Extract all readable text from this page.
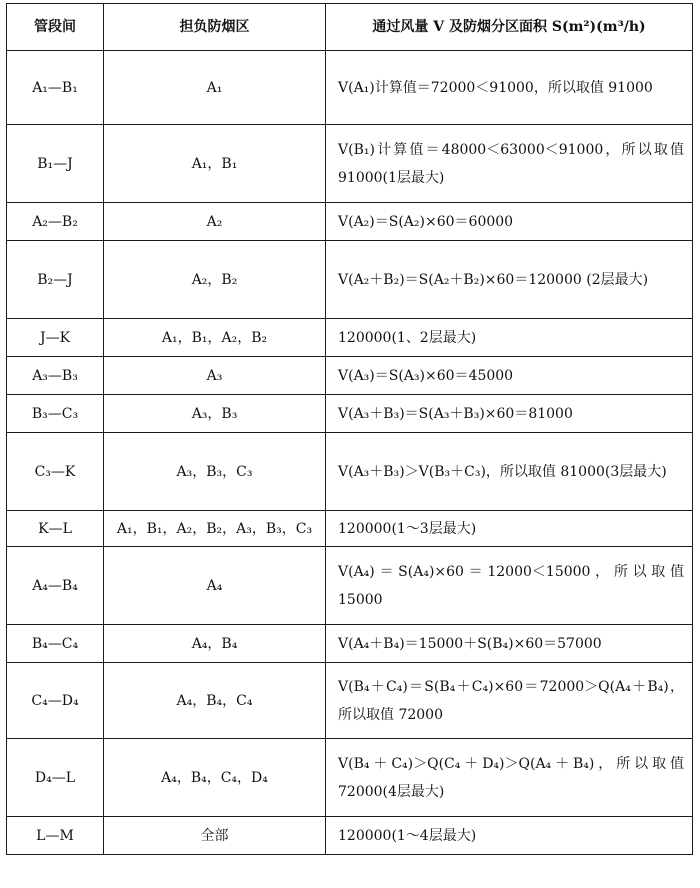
管段间	担负防烟区	通过风量 V 及防烟分区面积 S(m²)(m³/h)
A₁—B₁	A₁	V(A₁)计算值＝72000＜91000，所以取值 91000
B₁—J	A₁，B₁	V(B₁)计算值＝48000＜63000＜91000，所以取值 91000(1层最大)
A₂—B₂	A₂	V(A₂)＝S(A₂)×60＝60000
B₂—J	A₂，B₂	V(A₂＋B₂)＝S(A₂＋B₂)×60＝120000 (2层最大)
J—K	A₁，B₁，A₂，B₂	120000(1、2层最大)
A₃—B₃	A₃	V(A₃)＝S(A₃)×60＝45000
B₃—C₃	A₃，B₃	V(A₃＋B₃)＝S(A₃＋B₃)×60＝81000
C₃—K	A₃，B₃，C₃	V(A₃＋B₃)＞V(B₃＋C₃)，所以取值 81000(3层最大)
K—L	A₁，B₁，A₂，B₂，A₃，B₃，C₃	120000(1～3层最大)
A₄—B₄	A₄	V(A₄)＝S(A₄)×60＝12000＜15000，所以取值 15000
B₄—C₄	A₄，B₄	V(A₄＋B₄)＝15000＋S(B₄)×60＝57000
C₄—D₄	A₄，B₄，C₄	V(B₄＋C₄)＝S(B₄＋C₄)×60＝72000＞Q(A₄＋B₄)，所以取值 72000
D₄—L	A₄，B₄，C₄，D₄	V(B₄＋C₄)＞Q(C₄＋D₄)＞Q(A₄＋B₄)，所以取值 72000(4层最大)
L—M	全部	120000(1～4层最大)
